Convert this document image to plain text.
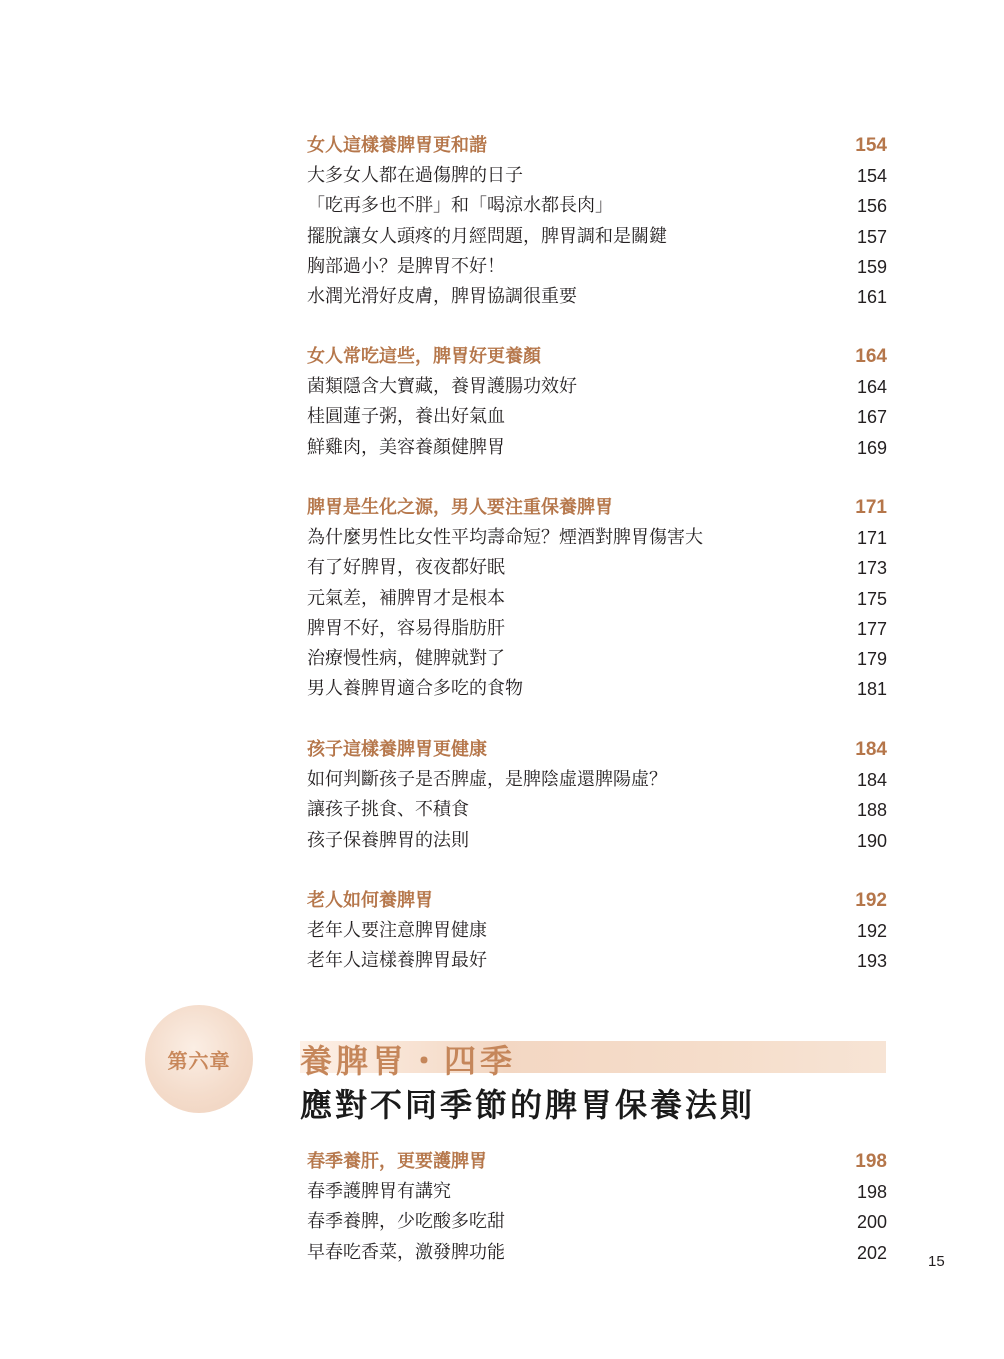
女人這樣養脾胃更和諧	154
大多女人都在過傷脾的日子	154
「吃再多也不胖」和「喝涼水都長肉」	156
擺脫讓女人頭疼的月經問題，脾胃調和是關鍵	157
胸部過小？是脾胃不好！	159
水潤光滑好皮膚，脾胃協調很重要	161
女人常吃這些，脾胃好更養顏	164
菌類隱含大寶藏，養胃護腸功效好	164
桂圓蓮子粥，養出好氣血	167
鮮雞肉，美容養顏健脾胃	169
脾胃是生化之源，男人要注重保養脾胃	171
為什麼男性比女性平均壽命短？煙酒對脾胃傷害大	171
有了好脾胃，夜夜都好眠	173
元氣差，補脾胃才是根本	175
脾胃不好，容易得脂肪肝	177
治療慢性病，健脾就對了	179
男人養脾胃適合多吃的食物	181
孩子這樣養脾胃更健康	184
如何判斷孩子是否脾虛，是脾陰虛還脾陽虛？	184
讓孩子挑食、不積食	188
孩子保養脾胃的法則	190
老人如何養脾胃	192
老年人要注意脾胃健康	192
老年人這樣養脾胃最好	193
第六章 養脾胃・四季
應對不同季節的脾胃保養法則
春季養肝，更要護脾胃	198
春季護脾胃有講究	198
春季養脾，少吃酸多吃甜	200
早春吃香菜，激發脾功能	202	15
